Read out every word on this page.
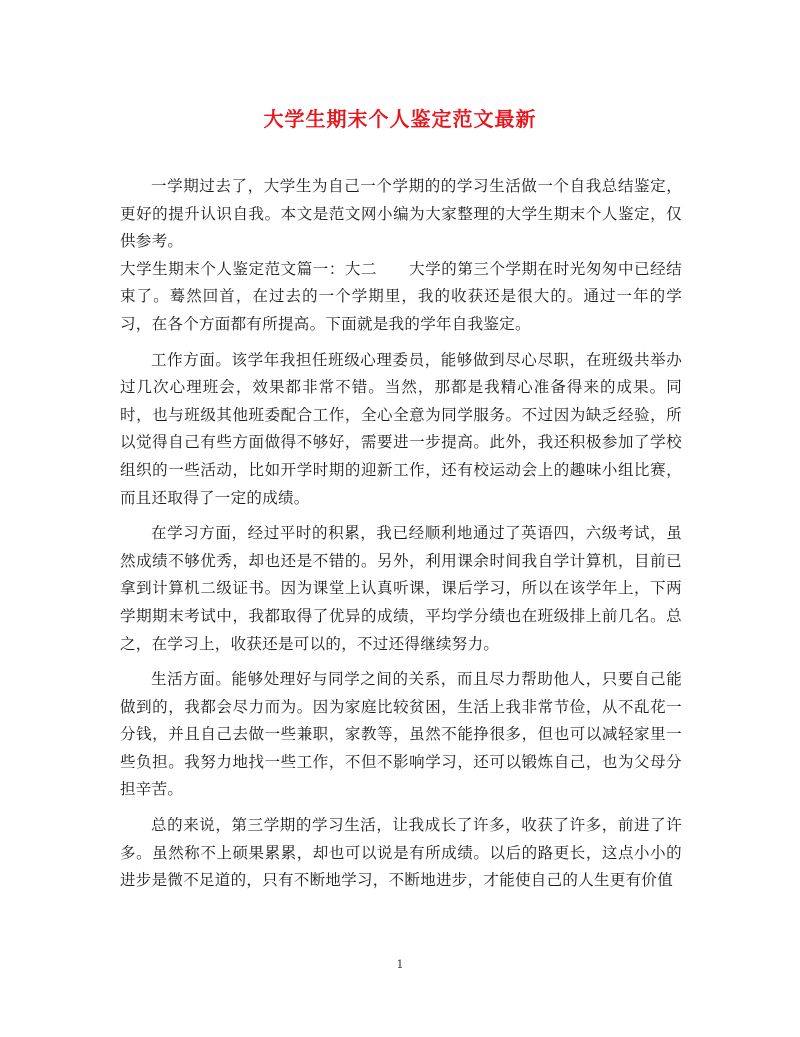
大学生期末个人鉴定范文最新

一学期过去了，大学生为自己一个学期的的学习生活做一个自我总结鉴定，更好的提升认识自我。本文是范文网小编为大家整理的大学生期末个人鉴定，仅供参考。

大学生期末个人鉴定范文篇一：大二　　大学的第三个学期在时光匆匆中已经结束了。蓦然回首，在过去的一个学期里，我的收获还是很大的。通过一年的学习，在各个方面都有所提高。下面就是我的学年自我鉴定。

工作方面。该学年我担任班级心理委员，能够做到尽心尽职，在班级共举办过几次心理班会，效果都非常不错。当然，那都是我精心准备得来的成果。同时，也与班级其他班委配合工作，全心全意为同学服务。不过因为缺乏经验，所以觉得自己有些方面做得不够好，需要进一步提高。此外，我还积极参加了学校组织的一些活动，比如开学时期的迎新工作，还有校运动会上的趣味小组比赛，而且还取得了一定的成绩。

在学习方面，经过平时的积累，我已经顺利地通过了英语四，六级考试，虽然成绩不够优秀，却也还是不错的。另外，利用课余时间我自学计算机，目前已拿到计算机二级证书。因为课堂上认真听课，课后学习，所以在该学年上，下两学期期末考试中，我都取得了优异的成绩，平均学分绩也在班级排上前几名。总之，在学习上，收获还是可以的，不过还得继续努力。

生活方面。能够处理好与同学之间的关系，而且尽力帮助他人，只要自己能做到的，我都会尽力而为。因为家庭比较贫困，生活上我非常节俭，从不乱花一分钱，并且自己去做一些兼职，家教等，虽然不能挣很多，但也可以减轻家里一些负担。我努力地找一些工作，不但不影响学习，还可以锻炼自己，也为父母分担辛苦。

总的来说，第三学期的学习生活，让我成长了许多，收获了许多，前进了许多。虽然称不上硕果累累，却也可以说是有所成绩。以后的路更长，这点小小的进步是微不足道的，只有不断地学习，不断地进步，才能使自己的人生更有价值

1
